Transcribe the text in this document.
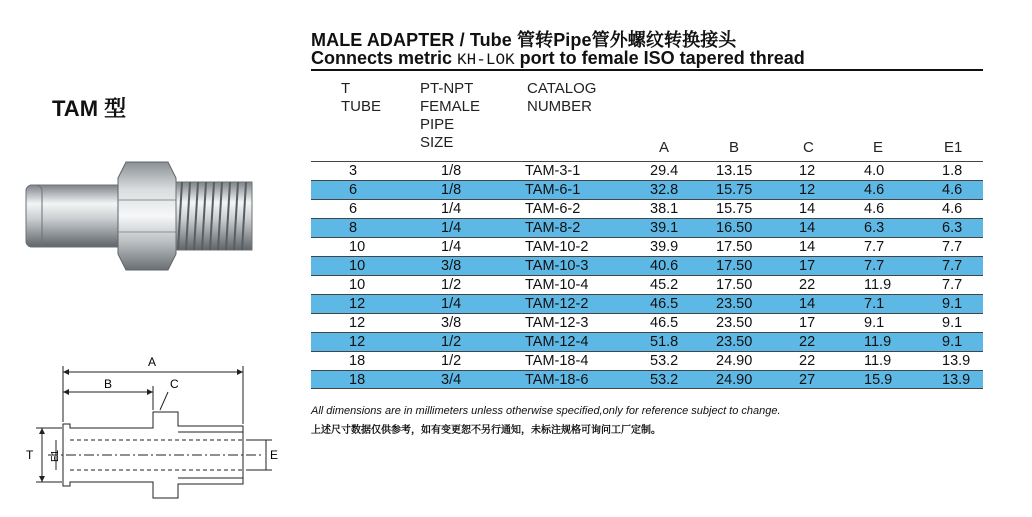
TAM 型
A
B	C
T E1	E
MALE ADAPTER / Tube 管转Pipe管外螺纹转换接头
Connects metric KH-LOK port to female ISO tapered thread
T
TUBE
PT-NPT
FEMALE
PIPE
SIZE
CATALOG
NUMBER
A	B	C	E	E1
3	1/8	TAM-3-1	29.4	13.15	12	4.0	1.8
6	1/8	TAM-6-1	32.8	15.75	12	4.6	4.6
6	1/4	TAM-6-2	38.1	15.75	14	4.6	4.6
8	1/4	TAM-8-2	39.1	16.50	14	6.3	6.3
10	1/4	TAM-10-2	39.9	17.50	14	7.7	7.7
10	3/8	TAM-10-3	40.6	17.50	17	7.7	7.7
10	1/2	TAM-10-4	45.2	17.50	22	11.9	7.7
12	1/4	TAM-12-2	46.5	23.50	14	7.1	9.1
12	3/8	TAM-12-3	46.5	23.50	17	9.1	9.1
12	1/2	TAM-12-4	51.8	23.50	22	11.9	9.1
18	1/2	TAM-18-4	53.2	24.90	22	11.9	13.9
18	3/4	TAM-18-6	53.2	24.90	27	15.9	13.9
All dimensions are in millimeters unless otherwise specified,only for reference subject to change.
上述尺寸数据仅供参考，如有变更恕不另行通知，未标注规格可询问工厂定制。
